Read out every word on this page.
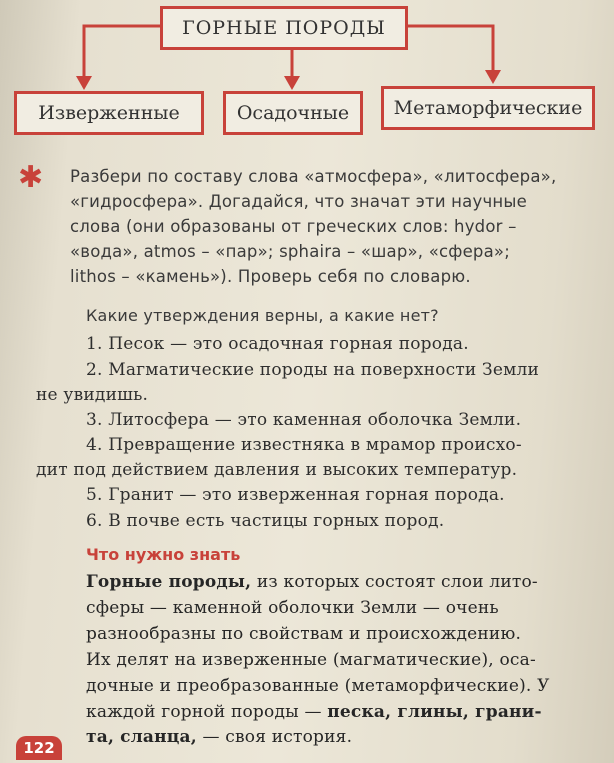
ГОРНЫЕ ПОРОДЫ
Изверженные	Осадочные Метаморфические
✱ Разбери по составу слова «атмосфера», «литосфера»,
«гидросфера». Догадайся, что значат эти научные
слова (они образованы от греческих слов: hydor –
«вода», atmos – «пар»; sphaira – «шар», «сфера»;
lithos – «камень»). Проверь себя по словарю.
Какие утверждения верны, а какие нет?
1. Песок — это осадочная горная порода.
2. Магматические породы на поверхности Земли
не увидишь.
3. Литосфера — это каменная оболочка Земли.
4. Превращение известняка в мрамор происхо-
дит под действием давления и высоких температур.
5. Гранит — это изверженная горная порода.
6. В почве есть частицы горных пород.
Что нужно знать
Горные породы, из которых состоят слои лито-
сферы — каменной оболочки Земли — очень
разнообразны по свойствам и происхождению.
Их делят на изверженные (магматические), оса-
дочные и преобразованные (метаморфические). У
каждой горной породы — песка, глины, грани-
та, сланца, — своя история.
122
